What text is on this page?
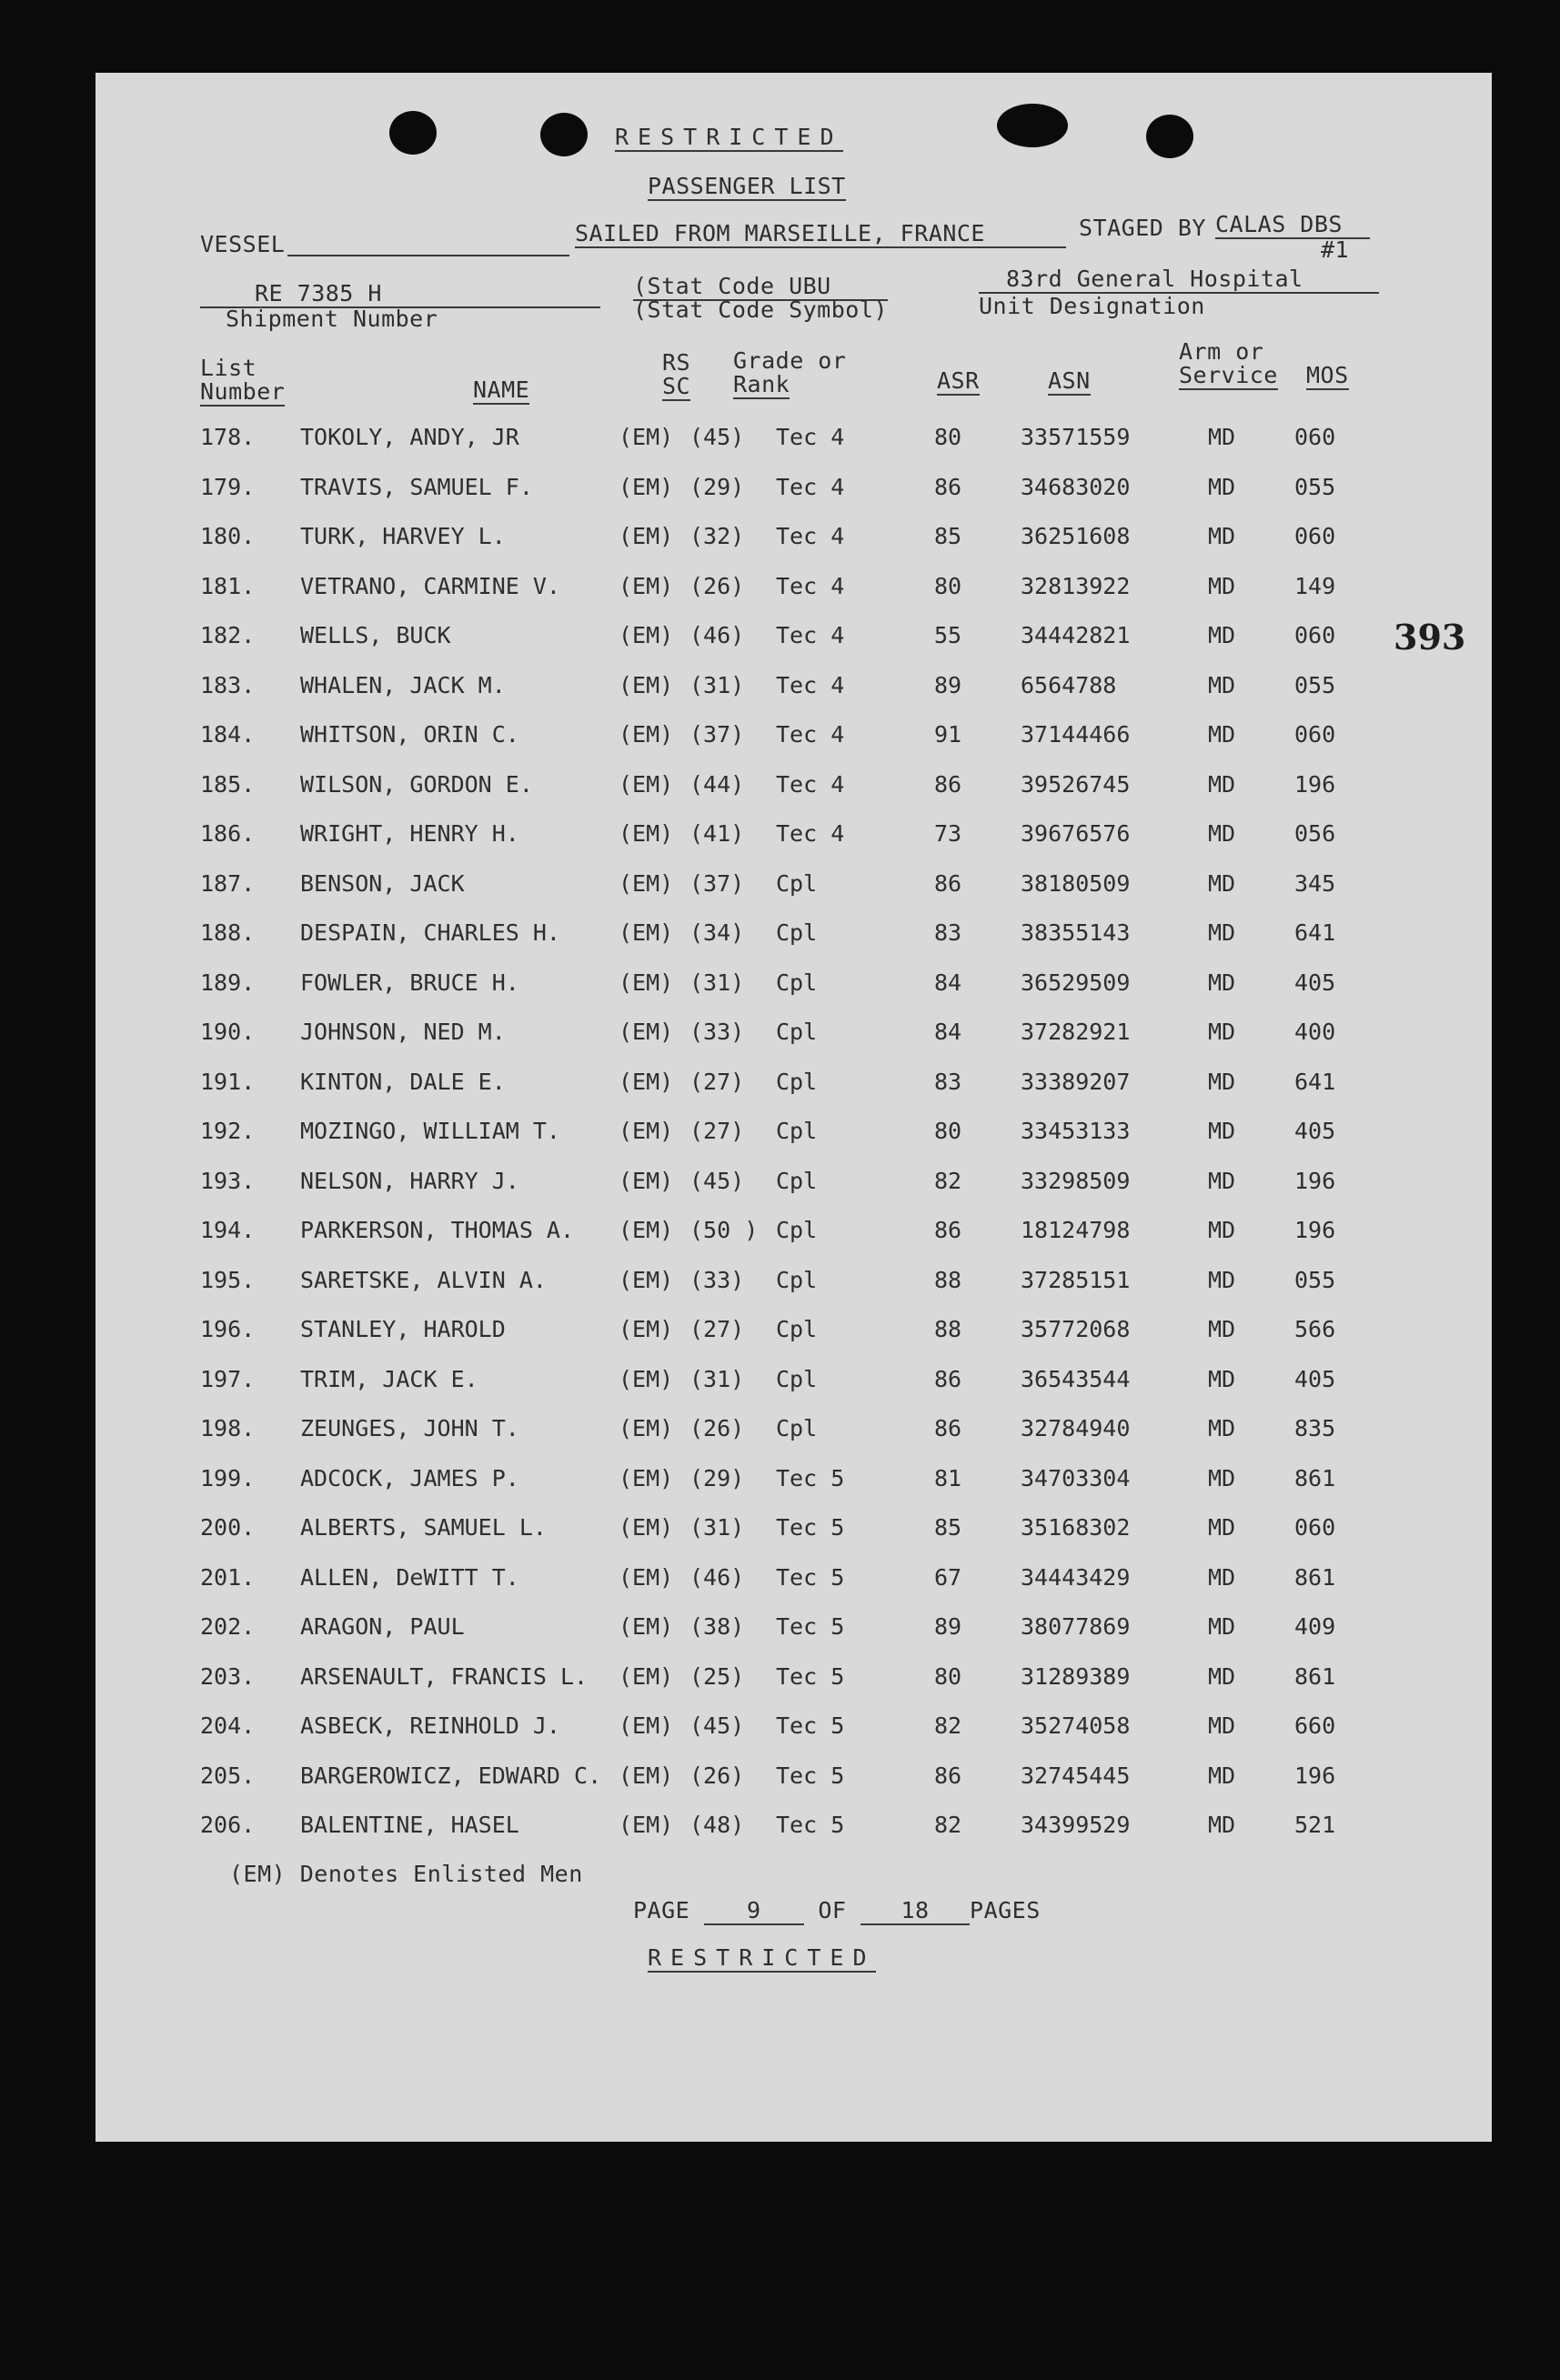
RESTRICTED
PASSENGER LIST
VESSEL	SAILED FROM MARSEILLE, FRANCE	STAGED BY CALAS DBS
#1
RE 7385 H
Shipment Number
(Stat Code UBU
(Stat Code Symbol)
83rd General Hospital
Unit Designation
List
Number	NAME
RS
SC
Grade or
Rank	ASR	ASN
Arm or
Service MOS
393
178. TOKOLY, ANDY, JR	(EM) (45) Tec 4	80	33571559	MD	060
179. TRAVIS, SAMUEL F.	(EM) (29) Tec 4	86	34683020	MD	055
180. TURK, HARVEY L.	(EM) (32) Tec 4	85	36251608	MD	060
181. VETRANO, CARMINE V.	(EM) (26) Tec 4	80	32813922	MD	149
182. WELLS, BUCK	(EM) (46) Tec 4	55	34442821	MD	060
183. WHALEN, JACK M.	(EM) (31) Tec 4	89	6564788	MD	055
184. WHITSON, ORIN C.	(EM) (37) Tec 4	91	37144466	MD	060
185. WILSON, GORDON E.	(EM) (44) Tec 4	86	39526745	MD	196
186. WRIGHT, HENRY H.	(EM) (41) Tec 4	73	39676576	MD	056
187. BENSON, JACK	(EM) (37) Cpl	86	38180509	MD	345
188. DESPAIN, CHARLES H.	(EM) (34) Cpl	83	38355143	MD	641
189. FOWLER, BRUCE H.	(EM) (31) Cpl	84	36529509	MD	405
190. JOHNSON, NED M.	(EM) (33) Cpl	84	37282921	MD	400
191. KINTON, DALE E.	(EM) (27) Cpl	83	33389207	MD	641
192. MOZINGO, WILLIAM T.	(EM) (27) Cpl	80	33453133	MD	405
193. NELSON, HARRY J.	(EM) (45) Cpl	82	33298509	MD	196
194. PARKERSON, THOMAS A. (EM) (50 ) Cpl	86	18124798	MD	196
195. SARETSKE, ALVIN A.	(EM) (33) Cpl	88	37285151	MD	055
196. STANLEY, HAROLD	(EM) (27) Cpl	88	35772068	MD	566
197. TRIM, JACK E.	(EM) (31) Cpl	86	36543544	MD	405
198. ZEUNGES, JOHN T.	(EM) (26) Cpl	86	32784940	MD	835
199. ADCOCK, JAMES P.	(EM) (29) Tec 5	81	34703304	MD	861
200. ALBERTS, SAMUEL L.	(EM) (31) Tec 5	85	35168302	MD	060
201. ALLEN, DeWITT T.	(EM) (46) Tec 5	67	34443429	MD	861
202. ARAGON, PAUL	(EM) (38) Tec 5	89	38077869	MD	409
203. ARSENAULT, FRANCIS L. (EM) (25) Tec 5	80	31289389	MD	861
204. ASBECK, REINHOLD J.	(EM) (45) Tec 5	82	35274058	MD	660
205. BARGEROWICZ, EDWARD C. (EM) (26) Tec 5	86	32745445	MD	196
206. BALENTINE, HASEL	(EM) (48) Tec 5	82	34399529	MD	521
(EM) Denotes Enlisted Men
PAGE	9	OF 18 PAGES
RESTRICTED
